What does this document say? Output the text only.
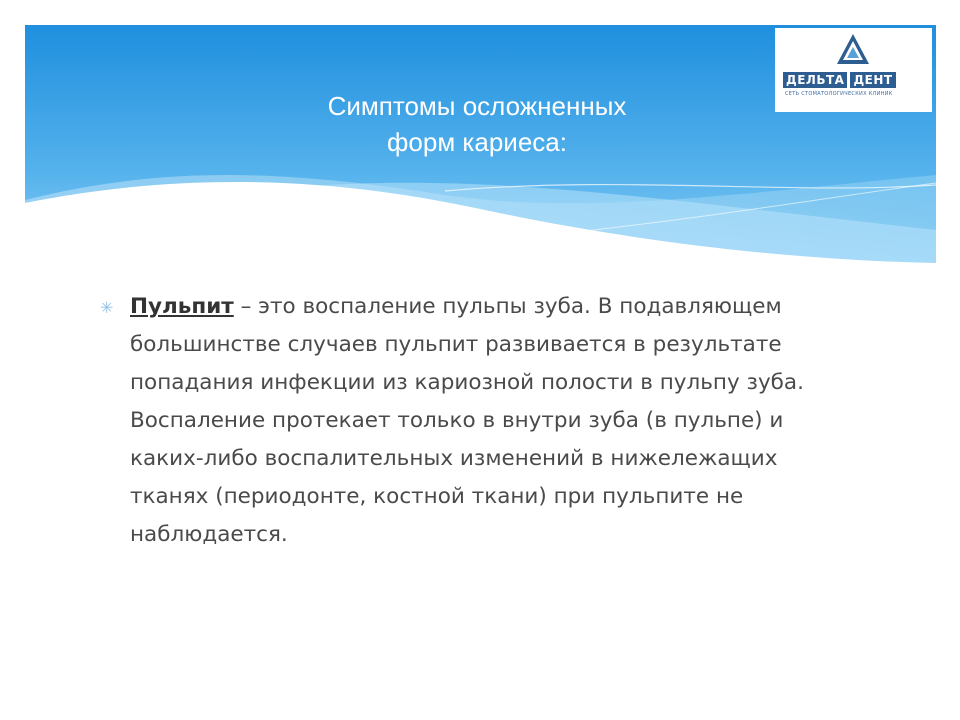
Симптомы осложненных
форм кариеса:
ДЕЛЬТА ДЕНТ
СЕТЬ СТОМАТОЛОГИЧЕСКИХ КЛИНИК
✳ Пульпит – это воспаление пульпы зуба. В подавляющем большинстве случаев пульпит развивается в результате попадания инфекции из кариозной полости в пульпу зуба. Воспаление протекает только в внутри зуба (в пульпе) и каких-либо воспалительных изменений в нижележащих тканях (периодонте, костной ткани) при пульпите не наблюдается.
